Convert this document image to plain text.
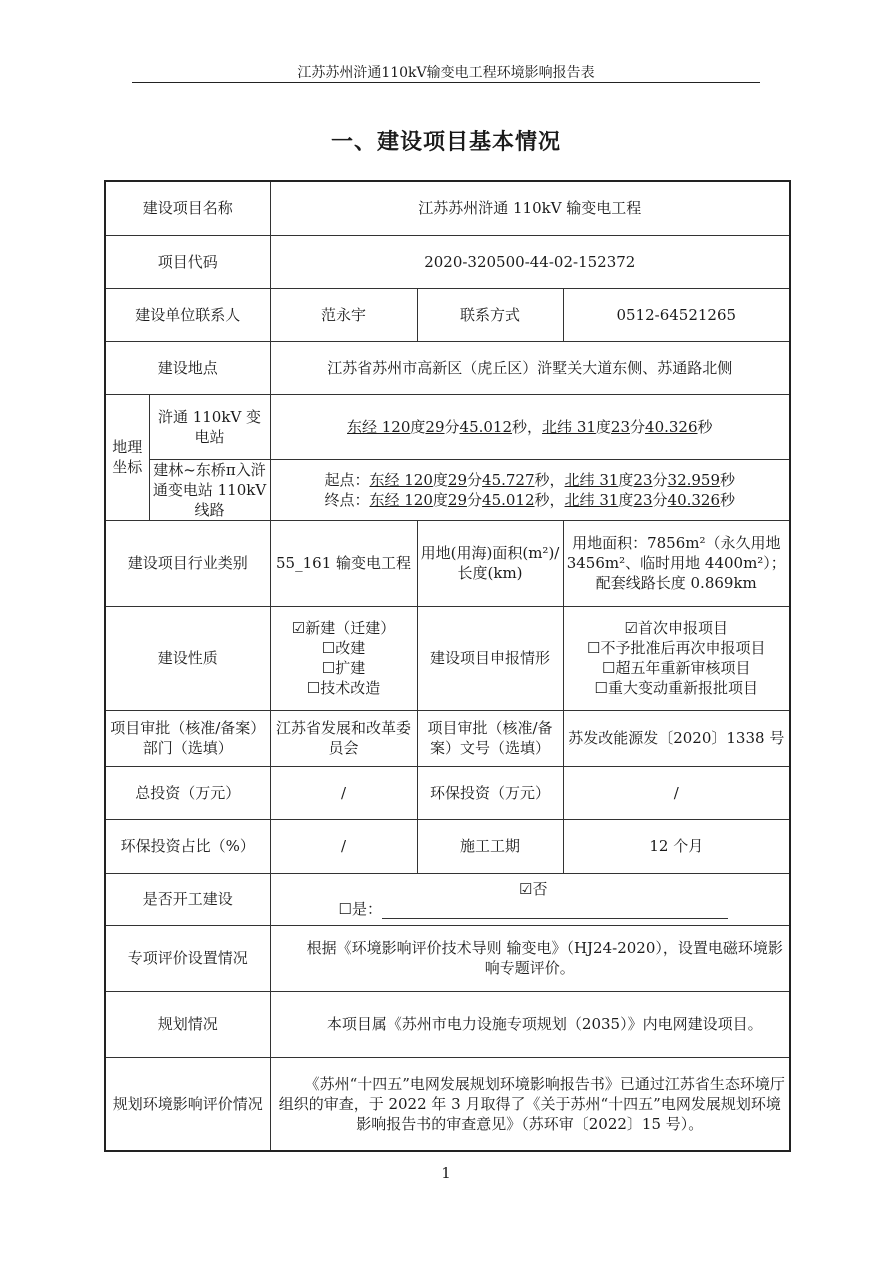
江苏苏州浒通110kV输变电工程环境影响报告表
一、建设项目基本情况
建设项目名称		江苏苏州浒通 110kV 输变电工程		
项目代码		2020-320500-44-02-152372		
建设单位联系人		范永宇	联系方式	0512-64521265
建设地点		江苏省苏州市高新区（虎丘区）浒墅关大道东侧、苏通路北侧		
地理坐标	浒通 110kV 变电站	东经 120度29分45.012秒，北纬 31度23分40.326秒		
	建林~东桥π入浒通变电站 110kV 线路	起点：东经 120度29分45.727秒，北纬 31度23分32.959秒
终点：东经 120度29分45.012秒，北纬 31度23分40.326秒		

建设项目行业类别		55_161 输变电工程	用地(用海)面积(m²)/长度(km)	用地面积：7856m²（永久用地 3456m²、临时用地 4400m²）；配套线路长度 0.869km
建设性质		☑新建（迁建）
☐改建
☐扩建
☐技术改造	建设项目申报情形	☑首次申报项目
☐不予批准后再次申报项目
☐超五年重新审核项目
☐重大变动重新报批项目

项目审批（核准/备案）部门（选填）		江苏省发展和改革委员会	项目审批（核准/备案）文号（选填）	苏发改能源发〔2020〕1338 号
总投资（万元）		/	环保投资（万元）	/
环保投资占比（%）		/	施工工期	12 个月
是否开工建设		☑否
☐是：		

专项评价设置情况		根据《环境影响评价技术导则 输变电》（HJ24-2020），设置电磁环境影响专题评价。		
规划情况		本项目属《苏州市电力设施专项规划（2035）》内电网建设项目。		
规划环境影响评价情况		《苏州“十四五”电网发展规划环境影响报告书》已通过江苏省生态环境厅组织的审查，于 2022 年 3 月取得了《关于苏州“十四五”电网发展规划环境影响报告书的审查意见》（苏环审〔2022〕15 号）。		
1
